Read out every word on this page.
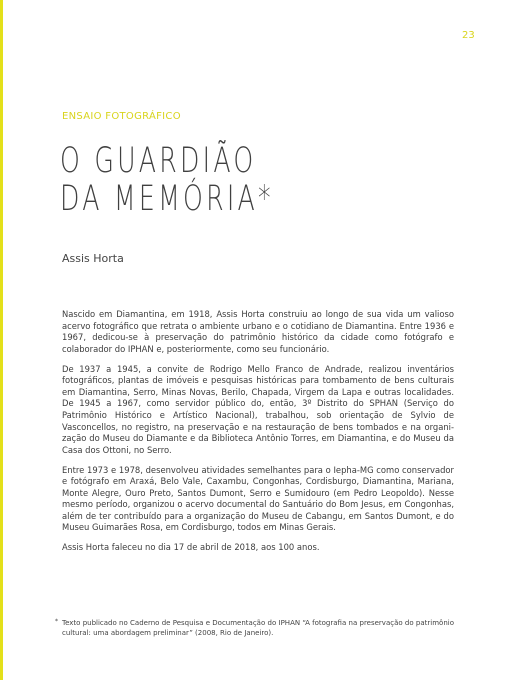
23
ENSAIO FOTOGRÁFICO
O GUARDIÃO
DA MEMÓRIA*
Assis Horta

Nascido em Diamantina, em 1918, Assis Horta construiu ao longo de sua vida um valioso acervo fotográfico que retrata o ambiente urbano e o cotidiano de Diamantina. Entre 1936 e 1967, dedicou-se à preservação do patrimônio histórico da cidade como fotógrafo e colaborador do IPHAN e, posteriormente, como seu funcionário.

De 1937 a 1945, a convite de Rodrigo Mello Franco de Andrade, realizou inventários fotográficos, plantas de imóveis e pesquisas históricas para tombamento de bens culturais em Diamantina, Serro, Minas Novas, Berilo, Chapada, Virgem da Lapa e outras localidades. De 1945 a 1967, como servidor público do, então, 3º Distrito do SPHAN (Serviço do Patrimônio Histórico e Artístico Nacional), trabalhou, sob orientação de Sylvio de Vasconcellos, no registro, na preservação e na restauração de bens tombados e na organização do Museu do Diamante e da Biblioteca Antônio Torres, em Diamantina, e do Museu da Casa dos Ottoni, no Serro.

Entre 1973 e 1978, desenvolveu atividades semelhantes para o Iepha-MG como conservador e fotógrafo em Araxá, Belo Vale, Caxambu, Congonhas, Cordisburgo, Diamantina, Mariana, Monte Alegre, Ouro Preto, Santos Dumont, Serro e Sumidouro (em Pedro Leopoldo). Nesse mesmo período, organizou o acervo documental do Santuário do Bom Jesus, em Congonhas, além de ter contribuído para a organização do Museu de Cabangu, em Santos Dumont, e do Museu Guimarães Rosa, em Cordisburgo, todos em Minas Gerais.

Assis Horta faleceu no dia 17 de abril de 2018, aos 100 anos.

* Texto publicado no Caderno de Pesquisa e Documentação do IPHAN “A fotografia na preservação do patrimônio cultural: uma abordagem preliminar” (2008, Rio de Janeiro).
